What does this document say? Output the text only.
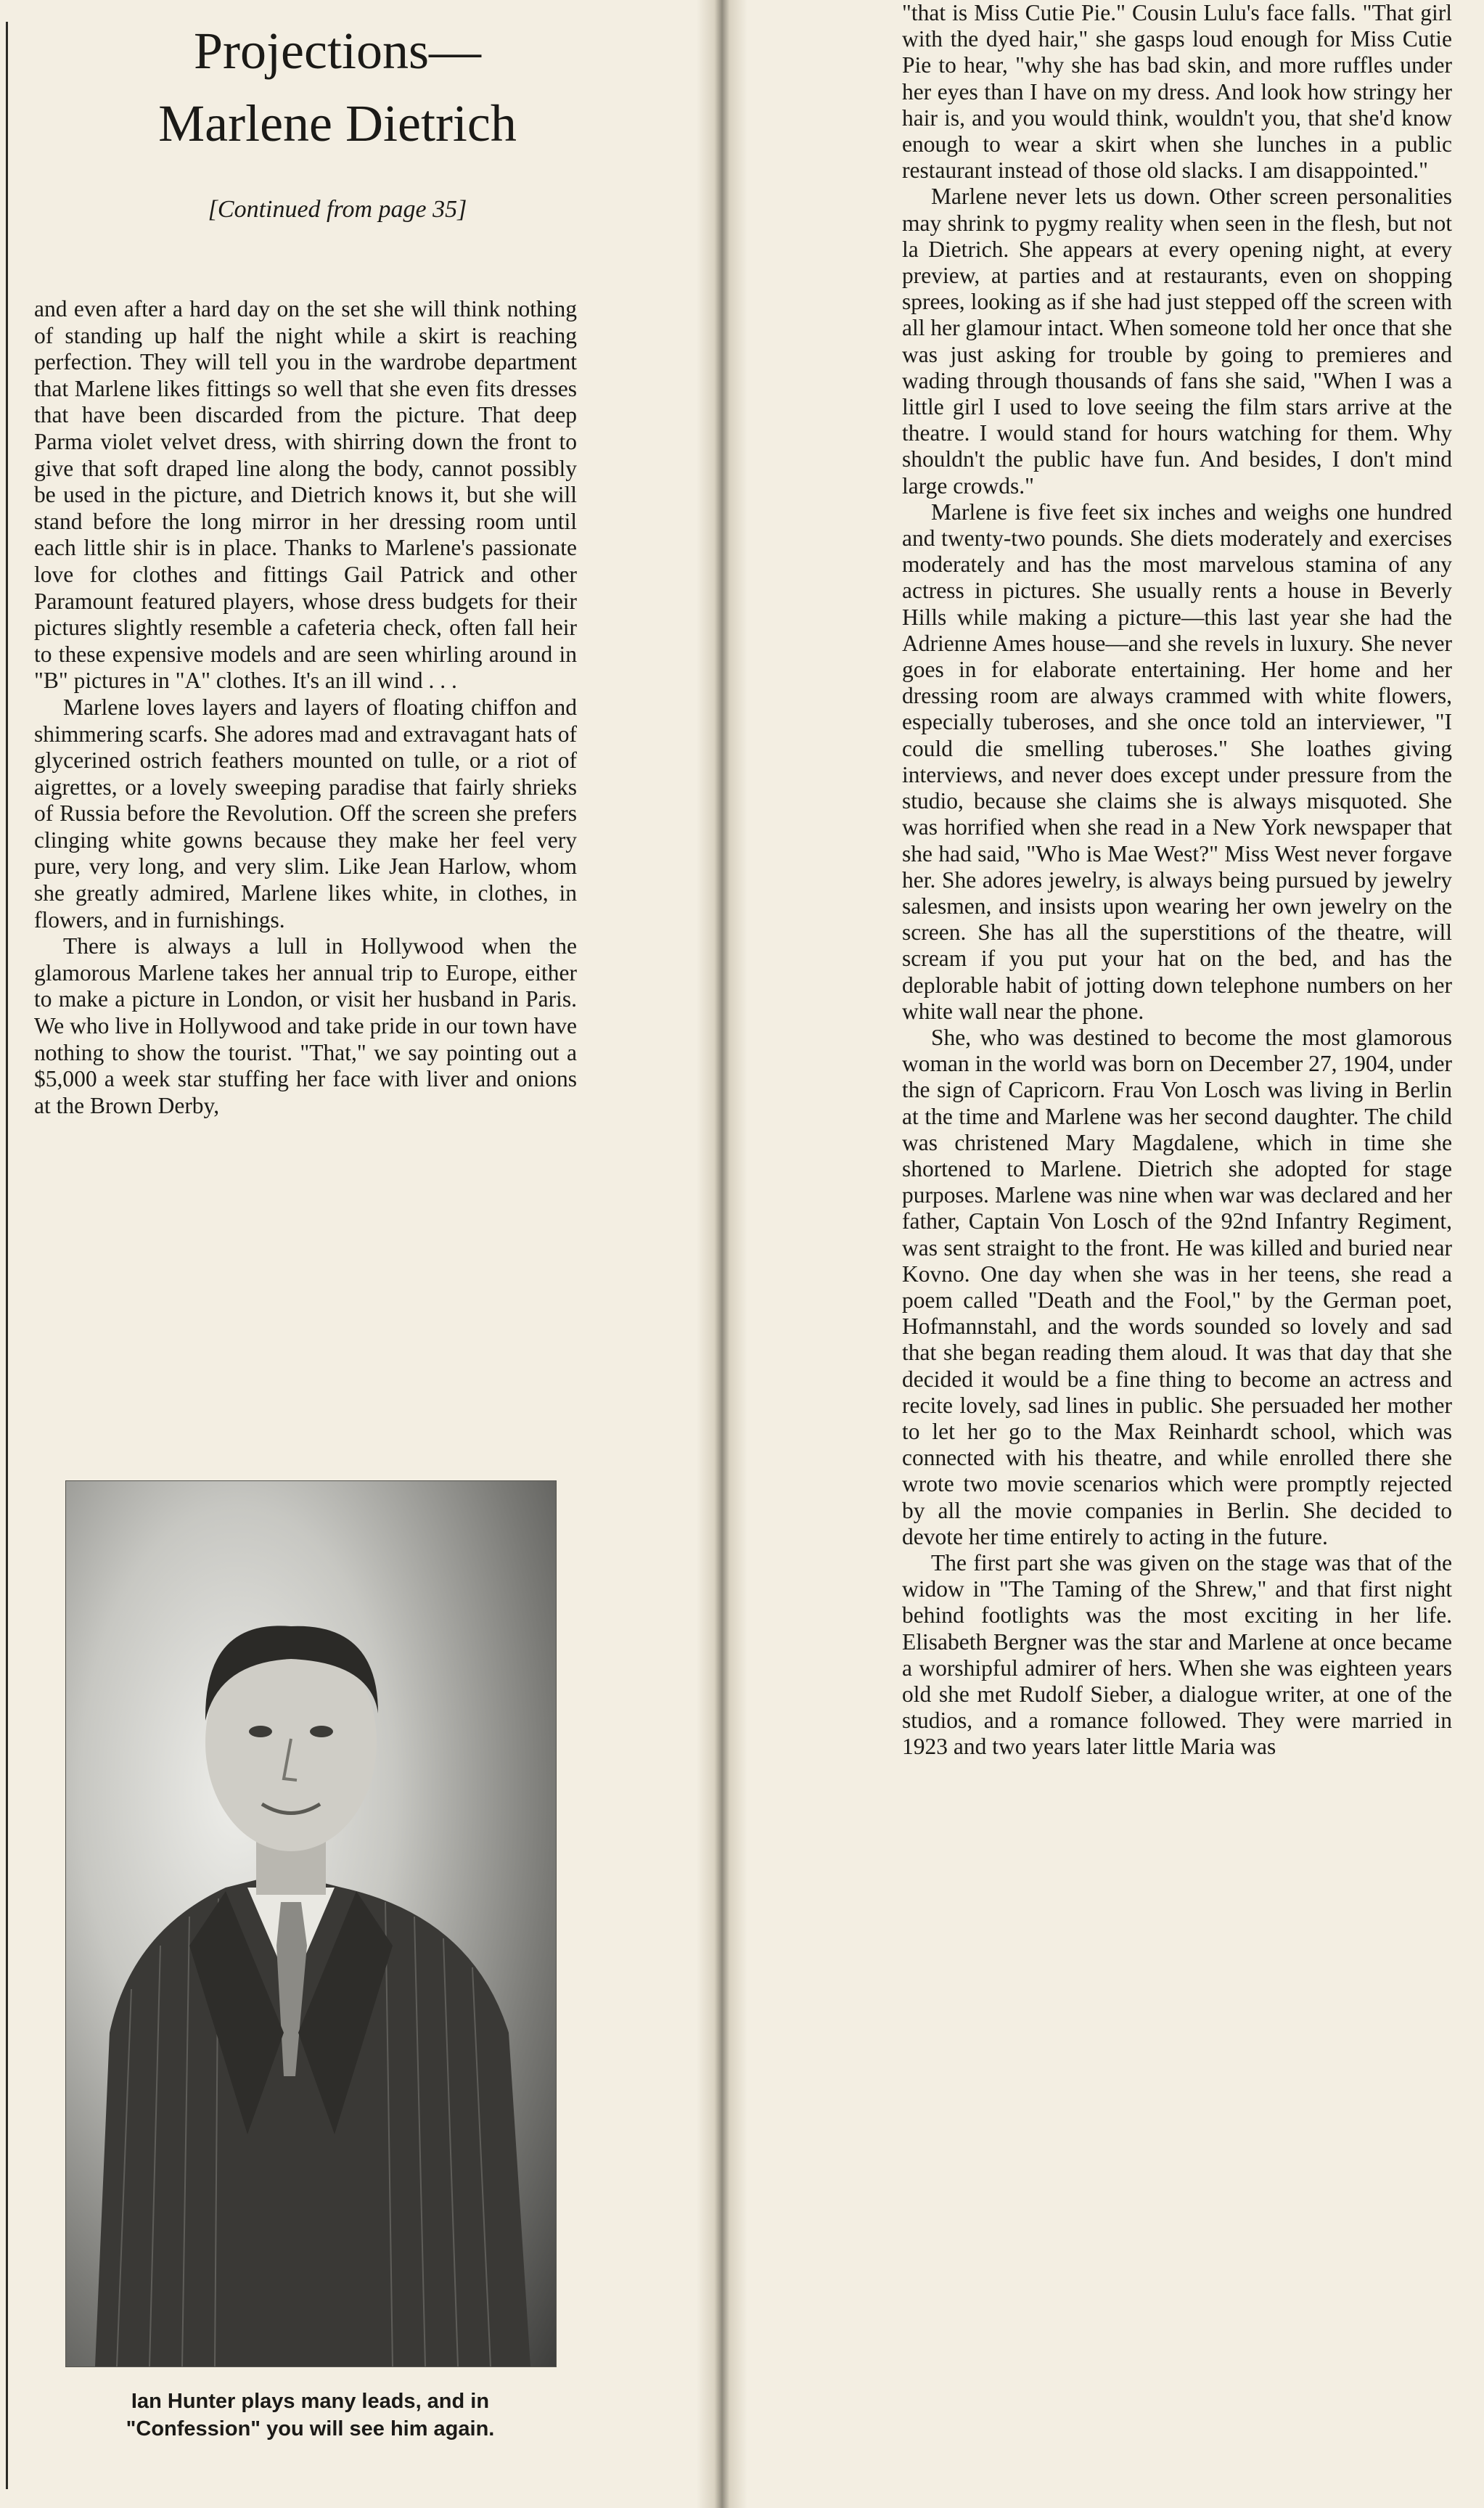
Projections—
Marlene Dietrich
[Continued from page 35]

and even after a hard day on the set she will think nothing of standing up half the night while a skirt is reaching perfection. They will tell you in the wardrobe department that Marlene likes fittings so well that she even fits dresses that have been discarded from the picture. That deep Parma violet velvet dress, with shirring down the front to give that soft draped line along the body, cannot possibly be used in the picture, and Dietrich knows it, but she will stand before the long mirror in her dressing room until each little shir is in place. Thanks to Marlene's passionate love for clothes and fittings Gail Patrick and other Paramount featured players, whose dress budgets for their pictures slightly resemble a cafeteria check, often fall heir to these expensive models and are seen whirling around in "B" pictures in "A" clothes. It's an ill wind . . .

Marlene loves layers and layers of floating chiffon and shimmering scarfs. She adores mad and extravagant hats of glycerined ostrich feathers mounted on tulle, or a riot of aigrettes, or a lovely sweeping paradise that fairly shrieks of Russia before the Revolution. Off the screen she prefers clinging white gowns because they make her feel very pure, very long, and very slim. Like Jean Harlow, whom she greatly admired, Marlene likes white, in clothes, in flowers, and in furnishings.

There is always a lull in Hollywood when the glamorous Marlene takes her annual trip to Europe, either to make a picture in London, or visit her husband in Paris. We who live in Hollywood and take pride in our town have nothing to show the tourist. "That," we say pointing out a $5,000 a week star stuffing her face with liver and onions at the Brown Derby,

Ian Hunter plays many leads, and in "Confession" you will see him again.

"that is Miss Cutie Pie." Cousin Lulu's face falls. "That girl with the dyed hair," she gasps loud enough for Miss Cutie Pie to hear, "why she has bad skin, and more ruffles under her eyes than I have on my dress. And look how stringy her hair is, and you would think, wouldn't you, that she'd know enough to wear a skirt when she lunches in a public restaurant instead of those old slacks. I am disappointed."

Marlene never lets us down. Other screen personalities may shrink to pygmy reality when seen in the flesh, but not la Dietrich. She appears at every opening night, at every preview, at parties and at restaurants, even on shopping sprees, looking as if she had just stepped off the screen with all her glamour intact. When someone told her once that she was just asking for trouble by going to premieres and wading through thousands of fans she said, "When I was a little girl I used to love seeing the film stars arrive at the theatre. I would stand for hours watching for them. Why shouldn't the public have fun. And besides, I don't mind large crowds."

Marlene is five feet six inches and weighs one hundred and twenty-two pounds. She diets moderately and exercises moderately and has the most marvelous stamina of any actress in pictures. She usually rents a house in Beverly Hills while making a picture—this last year she had the Adrienne Ames house—and she revels in luxury. She never goes in for elaborate entertaining. Her home and her dressing room are always crammed with white flowers, especially tuberoses, and she once told an interviewer, "I could die smelling tuberoses." She loathes giving interviews, and never does except under pressure from the studio, because she claims she is always misquoted. She was horrified when she read in a New York newspaper that she had said, "Who is Mae West?" Miss West never forgave her. She adores jewelry, is always being pursued by jewelry salesmen, and insists upon wearing her own jewelry on the screen. She has all the superstitions of the theatre, will scream if you put your hat on the bed, and has the deplorable habit of jotting down telephone numbers on her white wall near the phone.

She, who was destined to become the most glamorous woman in the world was born on December 27, 1904, under the sign of Capricorn. Frau Von Losch was living in Berlin at the time and Marlene was her second daughter. The child was christened Mary Magdalene, which in time she shortened to Marlene. Dietrich she adopted for stage purposes. Marlene was nine when war was declared and her father, Captain Von Losch of the 92nd Infantry Regiment, was sent straight to the front. He was killed and buried near Kovno. One day when she was in her teens, she read a poem called "Death and the Fool," by the German poet, Hofmannstahl, and the words sounded so lovely and sad that she began reading them aloud. It was that day that she decided it would be a fine thing to become an actress and recite lovely, sad lines in public. She persuaded her mother to let her go to the Max Reinhardt school, which was connected with his theatre, and while enrolled there she wrote two movie scenarios which were promptly rejected by all the movie companies in Berlin. She decided to devote her time entirely to acting in the future.

The first part she was given on the stage was that of the widow in "The Taming of the Shrew," and that first night behind footlights was the most exciting in her life. Elisabeth Bergner was the star and Marlene at once became a worshipful admirer of hers. When she was eighteen years old she met Rudolf Sieber, a dialogue writer, at one of the studios, and a romance followed. They were married in 1923 and two years later little Maria was
